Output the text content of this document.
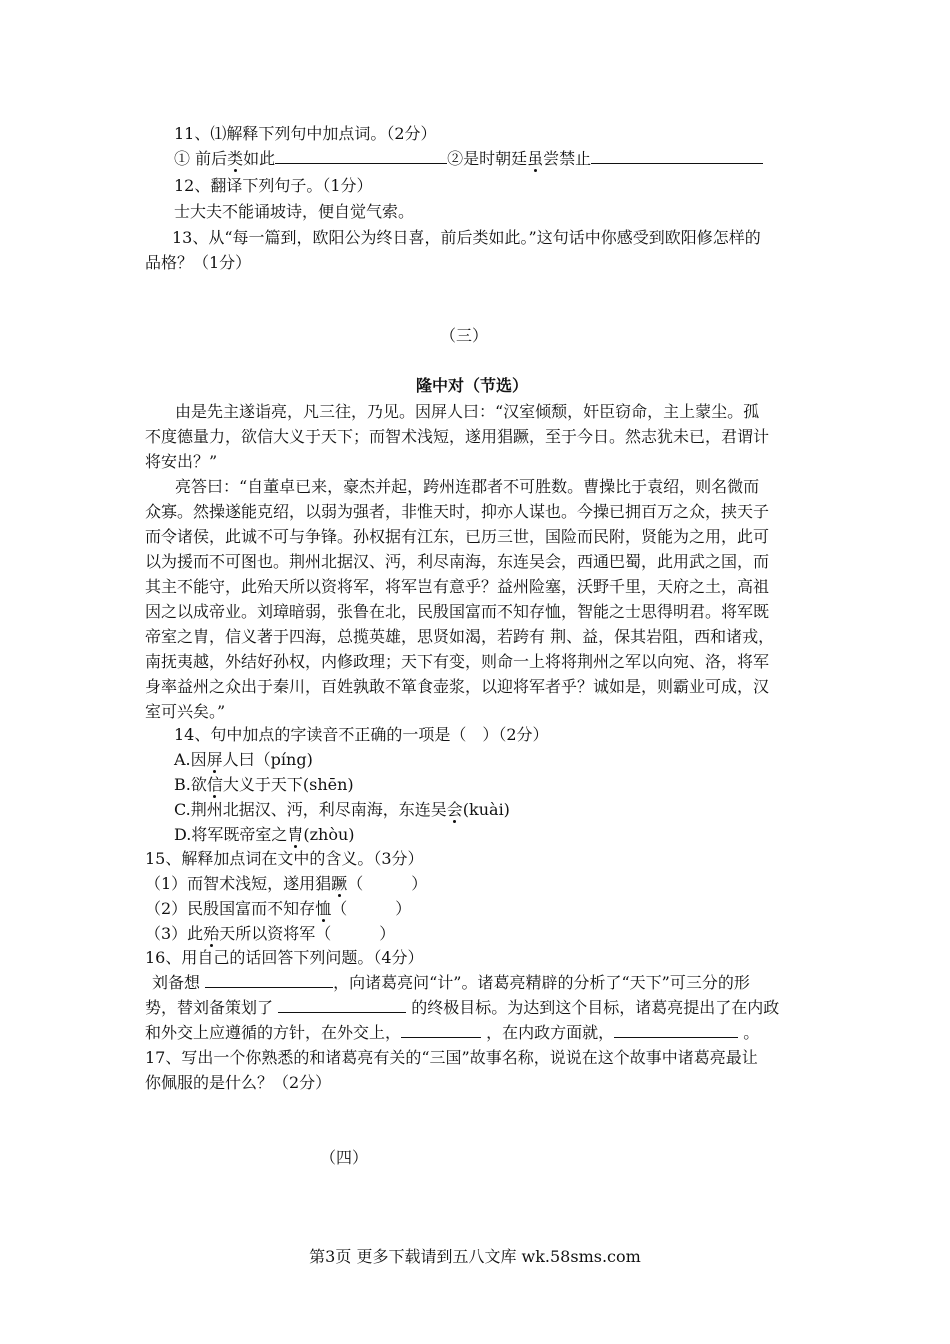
11、⑴解释下列句中加点词。（2分）
① 前后类如此	②是时朝廷虽尝禁止
12、翻译下列句子。（1分）
士大夫不能诵坡诗，便自觉气索。
13、从“每一篇到，欧阳公为终日喜，前后类如此。”这句话中你感受到欧阳修怎样的
品格？（1分）
（三）
隆中对（节选）
由是先主遂诣亮，凡三往，乃见。因屏人曰：“汉室倾颓，奸臣窃命，主上蒙尘。孤
不度德量力，欲信大义于天下；而智术浅短，遂用猖蹶，至于今日。然志犹未已，君谓计
将安出？”
亮答曰：“自董卓已来，豪杰并起，跨州连郡者不可胜数。曹操比于袁绍，则名微而
众寡。然操遂能克绍，以弱为强者，非惟天时，抑亦人谋也。今操已拥百万之众，挟天子
而令诸侯，此诚不可与争锋。孙权据有江东，已历三世，国险而民附，贤能为之用，此可
以为援而不可图也。荆州北据汉、沔，利尽南海，东连吴会，西通巴蜀，此用武之国，而
其主不能守，此殆天所以资将军，将军岂有意乎？益州险塞，沃野千里，天府之土，高祖
因之以成帝业。刘璋暗弱，张鲁在北，民殷国富而不知存恤，智能之士思得明君。将军既
帝室之胄，信义著于四海，总揽英雄，思贤如渴，若跨有 荆、益，保其岩阻，西和诸戎，
南抚夷越，外结好孙权，内修政理；天下有变，则命一上将将荆州之军以向宛、洛，将军
身率益州之众出于秦川，百姓孰敢不箪食壶浆，以迎将军者乎？诚如是，则霸业可成，汉
室可兴矣。”
14、句中加点的字读音不正确的一项是（　）（2分）
A.因屏人曰（píng)
B.欲信大义于天下(shēn)
C.荆州北据汉、沔，利尽南海，东连吴会(kuài)
D.将军既帝室之胄(zhòu)
15、解释加点词在文中的含义。（3分）
（1）而智术浅短，遂用猖蹶（　　　）
（2）民殷国富而不知存恤（　　　）
（3）此殆天所以资将军（　　　）
16、用自己的话回答下列问题。（4分）
刘备想	，向诸葛亮问“计”。诸葛亮精辟的分析了“天下”可三分的形
势，替刘备策划了	的终极目标。为达到这个目标，诸葛亮提出了在内政
和外交上应遵循的方针，在外交上，	，在内政方面就，	。
17、写出一个你熟悉的和诸葛亮有关的“三国”故事名称，说说在这个故事中诸葛亮最让
你佩服的是什么？（2分）
（四）
第3页 更多下载请到五八文库 wk.58sms.com
